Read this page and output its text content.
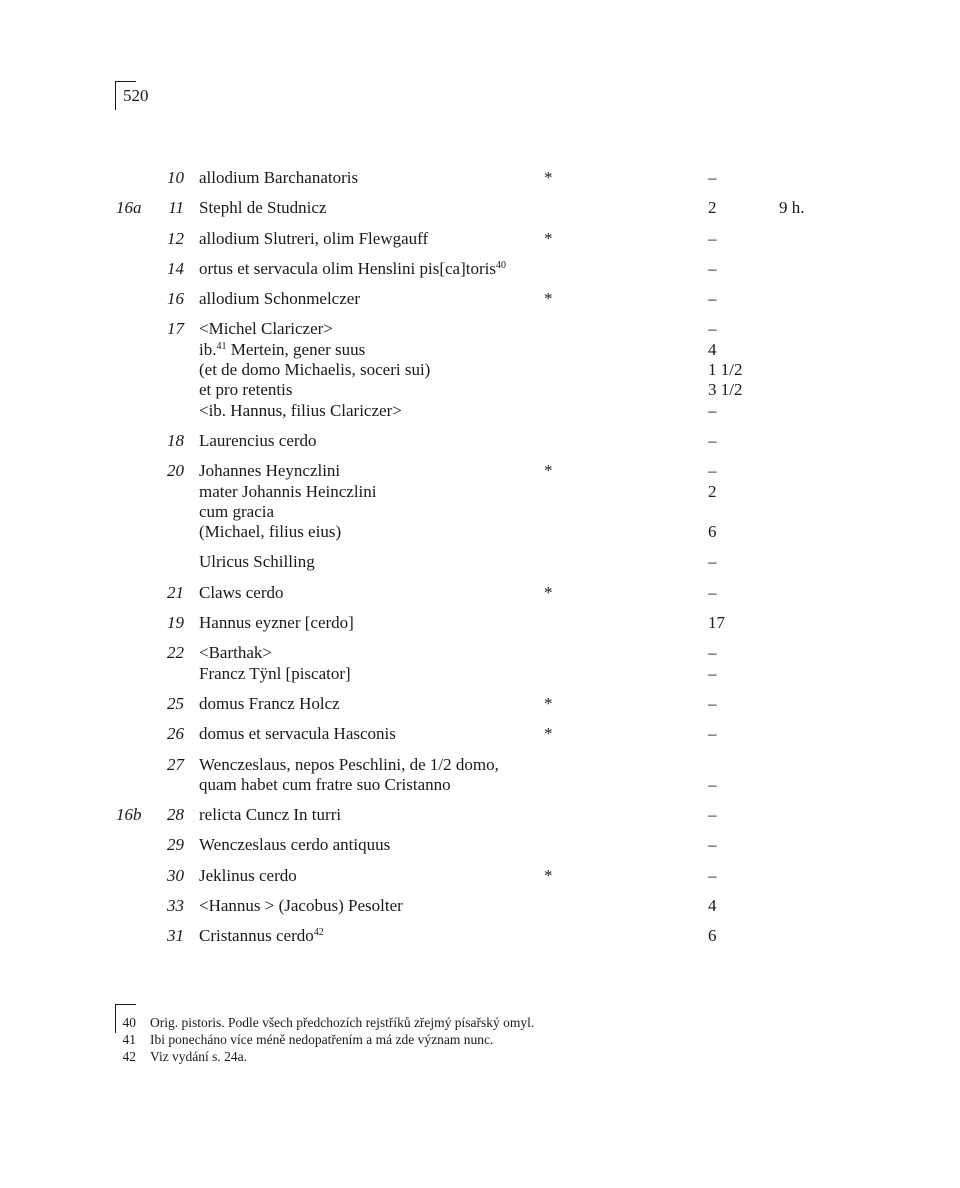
520
10 allodium Barchanatoris	*	–
16a	11 Stephl de Studnicz	2	9 h.
12 allodium Slutreri, olim Flewgauff	*	–
14 ortus et servacula olim Henslini pis[ca]toris$^{40}$	–
16 allodium Schonmelczer	*	–
17 <Michel Clariczer>	–
ib.$^{41}$ Mertein, gener suus	4
(et de domo Michaelis, soceri sui)	1 1/2
et pro retentis	3 1/2
<ib. Hannus, filius Clariczer>	–
18 Laurencius cerdo	–
20 Johannes Heynczlini	*	–
mater Johannis Heinczlini	2
cum gracia
(Michael, filius eius)	6
Ulricus Schilling	–
21 Claws cerdo	*	–
19 Hannus eyzner [cerdo]	17
22 <Barthak>	–
Francz Tÿnl [piscator]	–
25 domus Francz Holcz	*	–
26 domus et servacula Hasconis	*	–
27 Wenczeslaus, nepos Peschlini, de 1/2 domo,
quam habet cum fratre suo Cristanno	–
16b	28 relicta Cuncz In turri	–
29 Wenczeslaus cerdo antiquus	–
30 Jeklinus cerdo	*	–
33 <Hannus > (Jacobus) Pesolter	4
31 Cristannus cerdo$^{42}$	6
40 Orig. pistoris. Podle všech předchozích rejstříků zřejmý písařský omyl.
41 Ibi ponecháno více méně nedopatřením a má zde význam nunc.
42 Viz vydání s. 24a.
